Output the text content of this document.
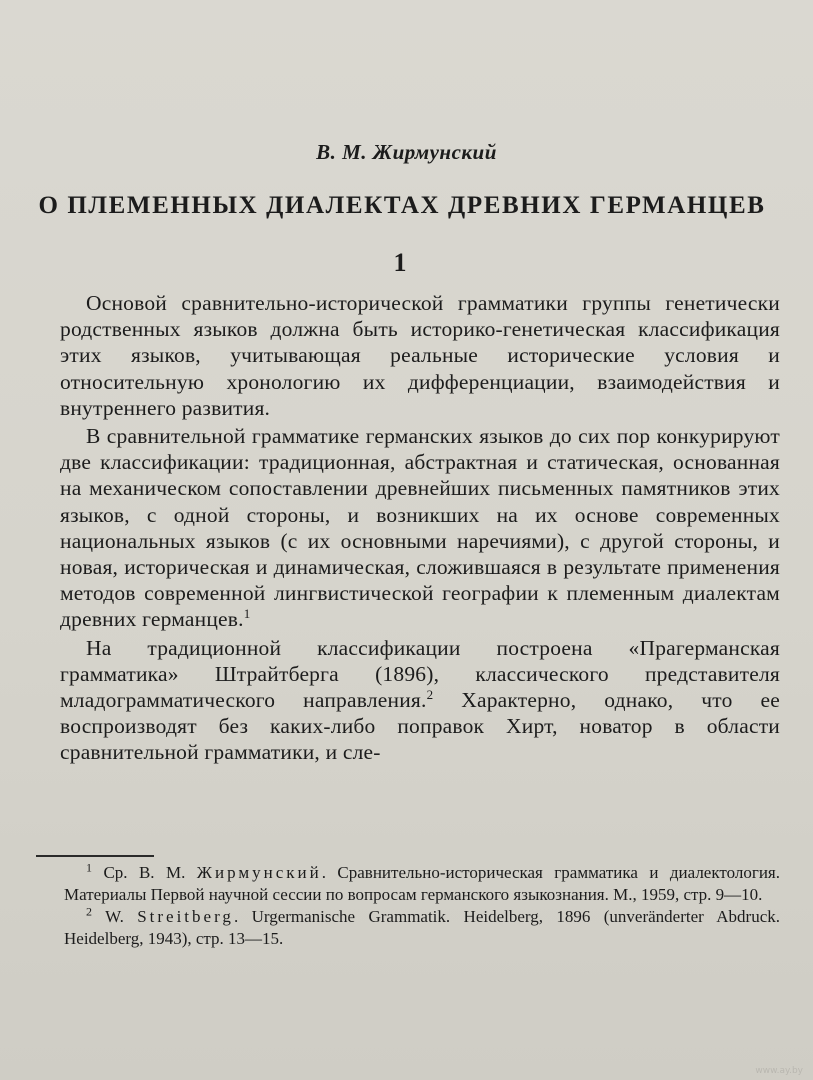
В. М. Жирмунский
О ПЛЕМЕННЫХ ДИАЛЕКТАХ ДРЕВНИХ ГЕРМАНЦЕВ
1

Основой сравнительно-исторической грамматики группы генетически родственных языков должна быть историко-генетическая классификация этих языков, учитывающая реальные исторические условия и относительную хронологию их дифференциации, взаимодействия и внутреннего развития.

В сравнительной грамматике германских языков до сих пор конкурируют две классификации: традиционная, абстрактная и статическая, основанная на механическом сопоставлении древнейших письменных памятников этих языков, с одной стороны, и возникших на их основе современных национальных языков (с их основными наречиями), с другой стороны, и новая, историческая и динамическая, сложившаяся в результате применения методов современной лингвистической географии к племенным диалектам древних германцев.$^1$

На традиционной классификации построена «Прагерманская грамматика» Штрайтберга (1896), классического представителя младограмматического направления.$^2$ Характерно, однако, что ее воспроизводят без каких-либо поправок Хирт, новатор в области сравнительной грамматики, и сле-

$^1$ Ср. В. М. Жирмунский. Сравнительно-историческая грамматика и диалектология. Материалы Первой научной сессии по вопросам германского языкознания. М., 1959, стр. 9—10.

$^2$ W. Streitberg. Urgermanische Grammatik. Heidelberg, 1896 (unveränderter Abdruck. Heidelberg, 1943), стр. 13—15.

www.ay.by
